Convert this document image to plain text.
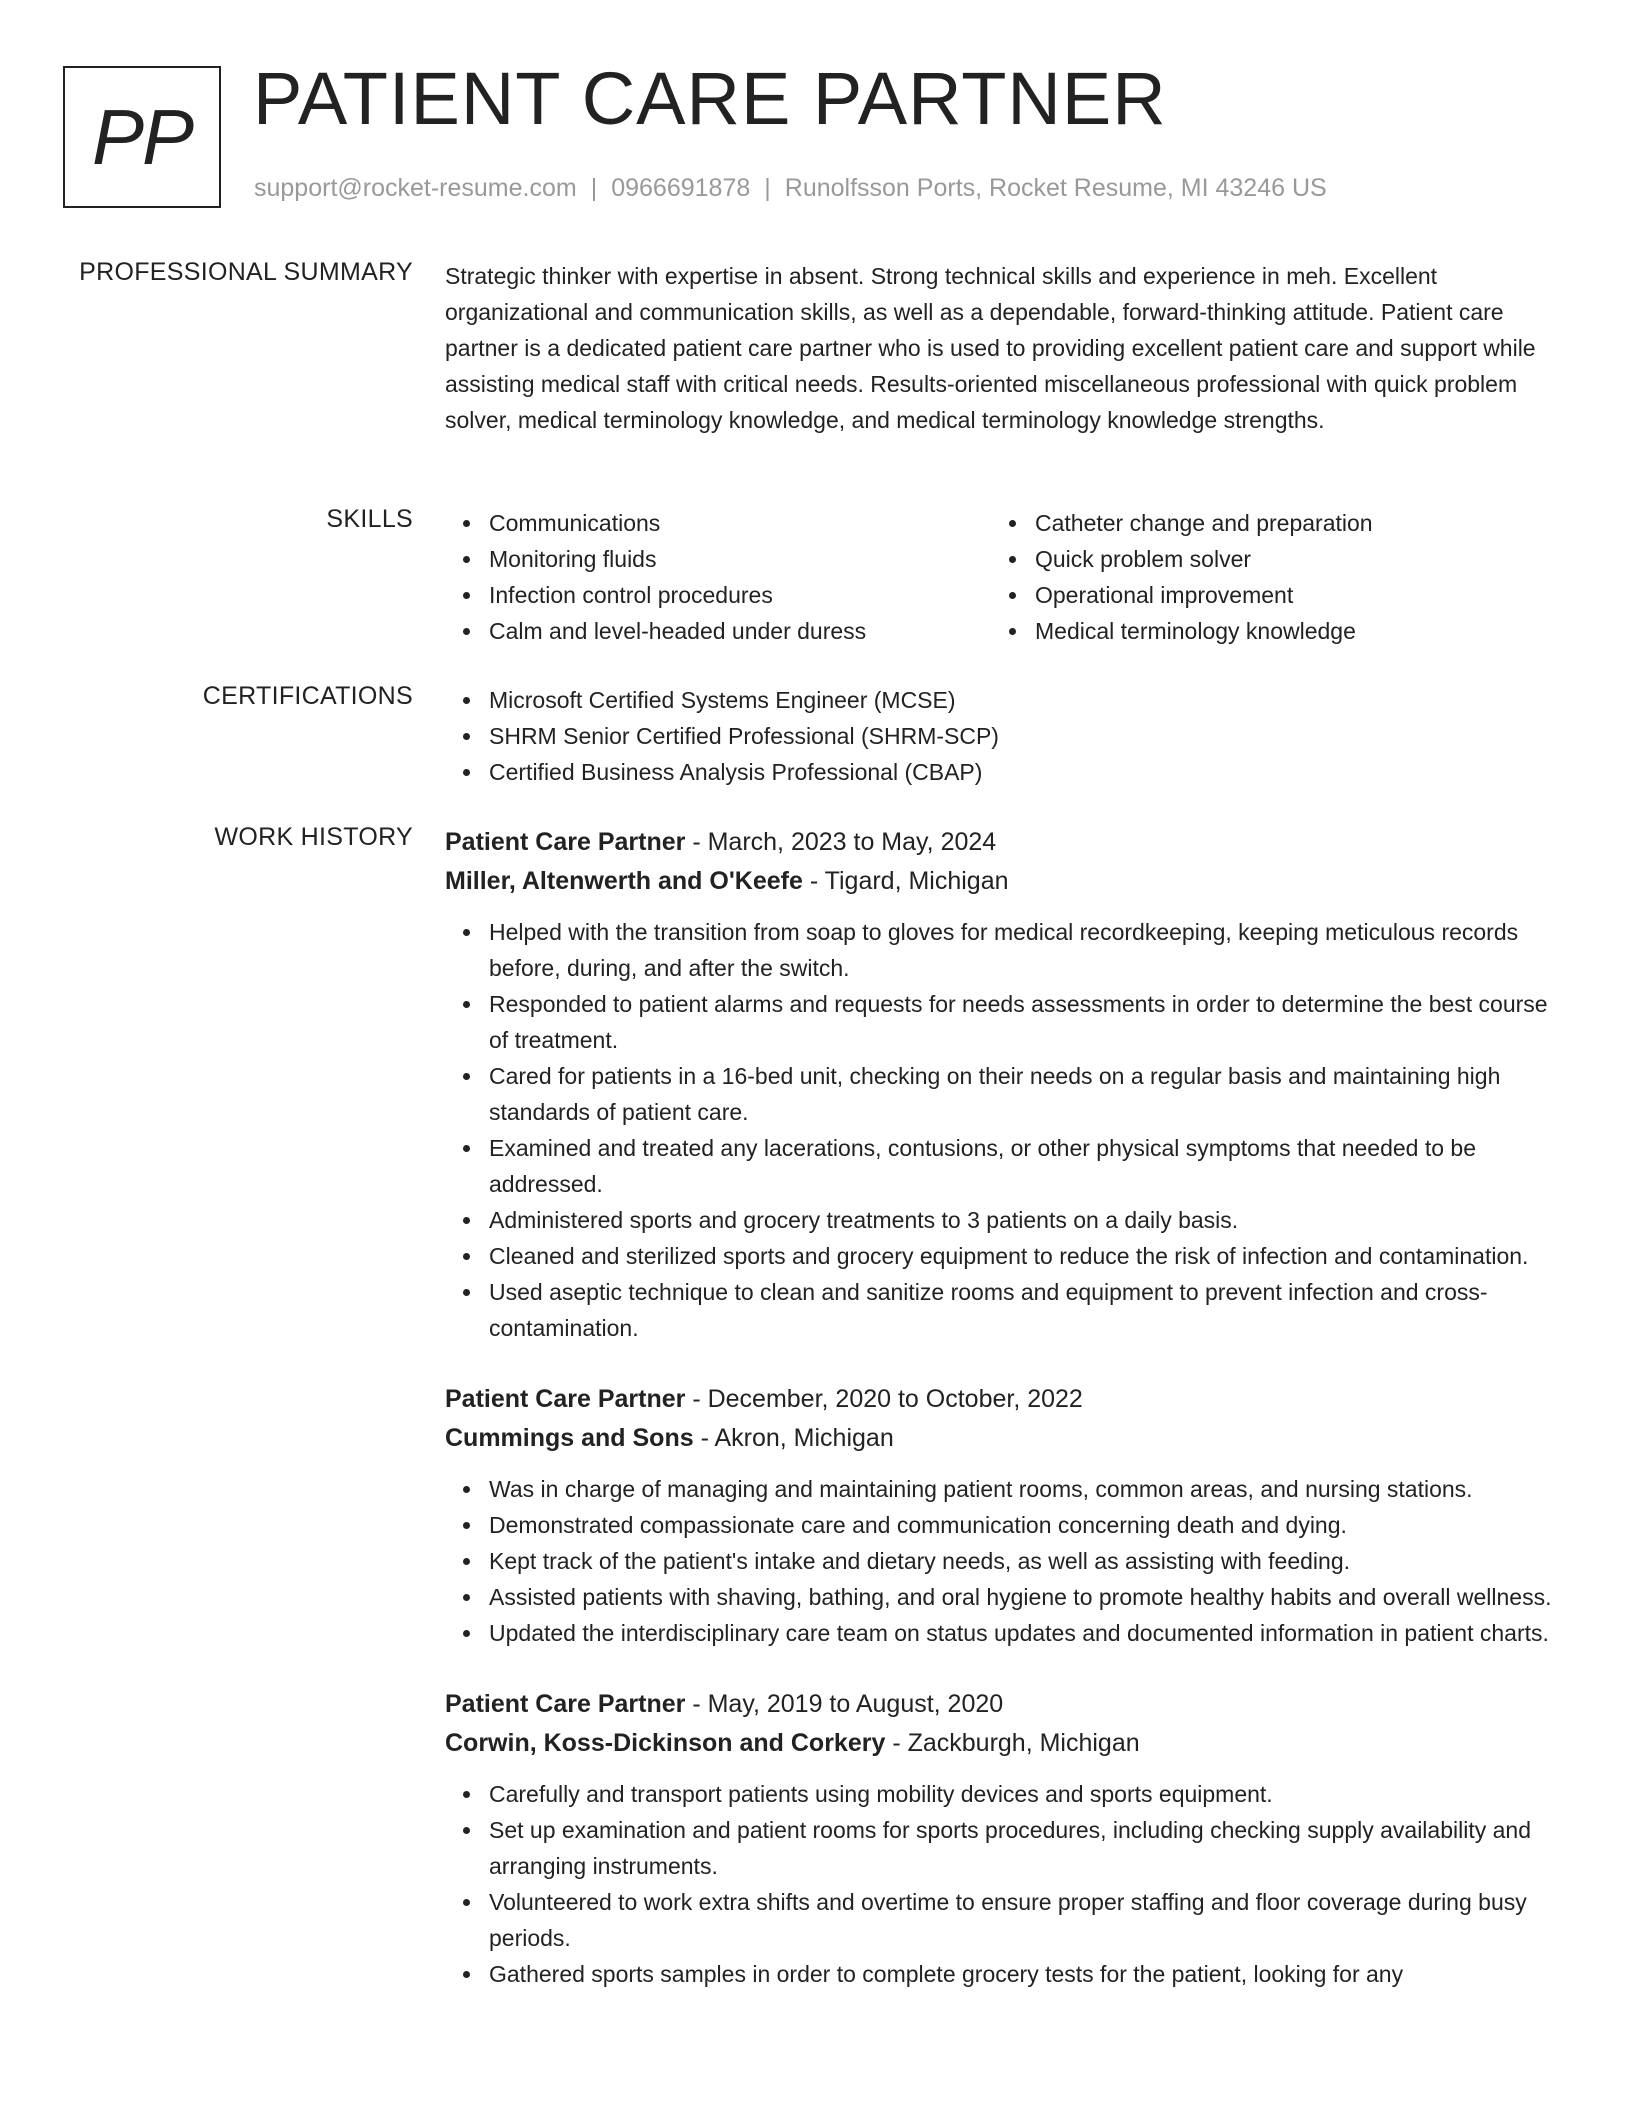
PP PATIENT CARE PARTNER
support@rocket-resume.com | 0966691878 | Runolfsson Ports, Rocket Resume, MI 43246 US
PROFESSIONAL SUMMARY Strategic thinker with expertise in absent. Strong technical skills and experience in meh. Excellent organizational and communication skills, as well as a dependable, forward-thinking attitude. Patient care partner is a dedicated patient care partner who is used to providing excellent patient care and support while assisting medical staff with critical needs. Results-oriented miscellaneous professional with quick problem solver, medical terminology knowledge, and medical terminology knowledge strengths.

SKILLS	Communications	Catheter change and preparation
Monitoring fluids	Quick problem solver
Infection control procedures	Operational improvement
Calm and level-headed under duress	Medical terminology knowledge
CERTIFICATIONS	Microsoft Certified Systems Engineer (MCSE)
SHRM Senior Certified Professional (SHRM-SCP)
Certified Business Analysis Professional (CBAP)
WORK HISTORY Patient Care Partner - March, 2023 to May, 2024
Miller, Altenwerth and O'Keefe - Tigard, Michigan
Helped with the transition from soap to gloves for medical recordkeeping, keeping meticulous records before, during, and after the switch.
Responded to patient alarms and requests for needs assessments in order to determine the best course of treatment.
Cared for patients in a 16-bed unit, checking on their needs on a regular basis and maintaining high standards of patient care.
Examined and treated any lacerations, contusions, or other physical symptoms that needed to be addressed.
Administered sports and grocery treatments to 3 patients on a daily basis.
Cleaned and sterilized sports and grocery equipment to reduce the risk of infection and contamination.
Used aseptic technique to clean and sanitize rooms and equipment to prevent infection and cross-contamination.
Patient Care Partner - December, 2020 to October, 2022
Cummings and Sons - Akron, Michigan
Was in charge of managing and maintaining patient rooms, common areas, and nursing stations.
Demonstrated compassionate care and communication concerning death and dying.
Kept track of the patient's intake and dietary needs, as well as assisting with feeding.
Assisted patients with shaving, bathing, and oral hygiene to promote healthy habits and overall wellness.
Updated the interdisciplinary care team on status updates and documented information in patient charts.
Patient Care Partner - May, 2019 to August, 2020
Corwin, Koss-Dickinson and Corkery - Zackburgh, Michigan
Carefully and transport patients using mobility devices and sports equipment.
Set up examination and patient rooms for sports procedures, including checking supply availability and arranging instruments.
Volunteered to work extra shifts and overtime to ensure proper staffing and floor coverage during busy periods.
Gathered sports samples in order to complete grocery tests for the patient, looking for any
